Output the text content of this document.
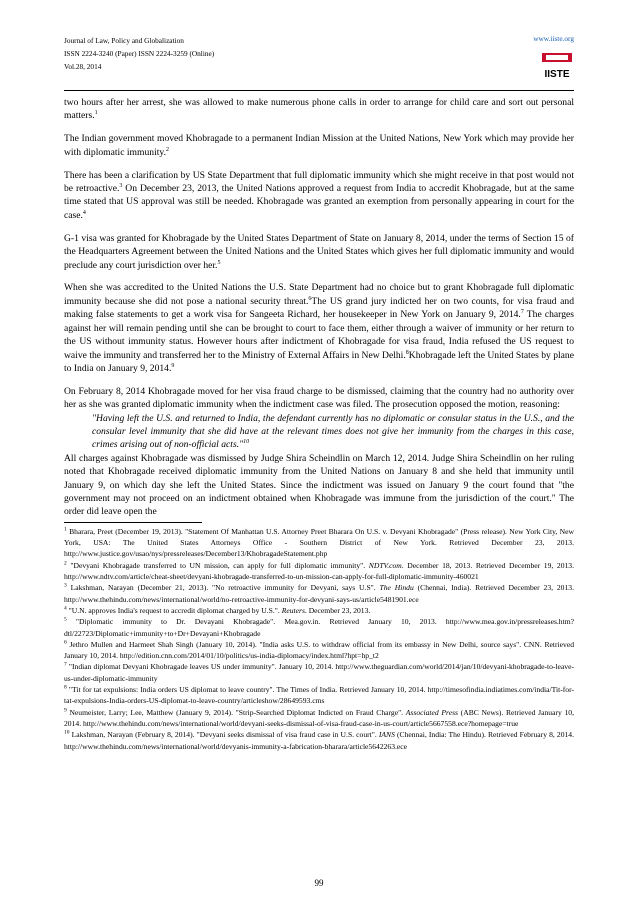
Journal of Law, Policy and Globalization
ISSN 2224-3240 (Paper) ISSN 2224-3259 (Online)
Vol.28, 2014
www.iiste.org
IISTE

two hours after her arrest, she was allowed to make numerous phone calls in order to arrange for child care and sort out personal matters.$^1$

The Indian government moved Khobragade to a permanent Indian Mission at the United Nations, New York which may provide her with diplomatic immunity.$^2$

There has been a clarification by US State Department that full diplomatic immunity which she might receive in that post would not be retroactive.$^3$ On December 23, 2013, the United Nations approved a request from India to accredit Khobragade, but at the same time stated that US approval was still be needed. Khobragade was granted an exemption from personally appearing in court for the case.$^4$

G-1 visa was granted for Khobragade by the United States Department of State on January 8, 2014, under the terms of Section 15 of the Headquarters Agreement between the United Nations and the United States which gives her full diplomatic immunity and would preclude any court jurisdiction over her.$^5$

When she was accredited to the United Nations the U.S. State Department had no choice but to grant Khobragade full diplomatic immunity because she did not pose a national security threat.$^6$The US grand jury indicted her on two counts, for visa fraud and making false statements to get a work visa for Sangeeta Richard, her housekeeper in New York on January 9, 2014.$^7$ The charges against her will remain pending until she can be brought to court to face them, either through a waiver of immunity or her return to the US without immunity status. However hours after indictment of Khobragade for visa fraud, India refused the US request to waive the immunity and transferred her to the Ministry of External Affairs in New Delhi.$^8$Khobragade left the United States by plane to India on January 9, 2014.$^9$

On February 8, 2014 Khobragade moved for her visa fraud charge to be dismissed, claiming that the country had no authority over her as she was granted diplomatic immunity when the indictment case was filed. The prosecution opposed the motion, reasoning:

"Having left the U.S. and returned to India, the defendant currently has no diplomatic or consular status in the U.S., and the consular level immunity that she did have at the relevant times does not give her immunity from the charges in this case, crimes arising out of non-official acts."$^{10}$

All charges against Khobragade was dismissed by Judge Shira Scheindlin on March 12, 2014. Judge Shira Scheindlin on her ruling noted that Khobragade received diplomatic immunity from the United Nations on January 8 and she held that immunity until January 9, on which day she left the United States. Since the indictment was issued on January 9 the court found that "the government may not proceed on an indictment obtained when Khobragade was immune from the jurisdiction of the court." The order did leave open the

$^1$ Bharara, Preet (December 19, 2013). "Statement Of Manhattan U.S. Attorney Preet Bharara On U.S. v. Devyani Khobragade" (Press release). New York City, New York, USA: The United States Attorneys Office - Southern District of New York. Retrieved December 23, 2013. http://www.justice.gov/usao/nys/pressreleases/December13/KhobragadeStatement.php
$^2$ "Devyani Khobragade transferred to UN mission, can apply for full diplomatic immunity". NDTV.com. December 18, 2013. Retrieved December 19, 2013. http://www.ndtv.com/article/cheat-sheet/devyani-khobragade-transferred-to-un-mission-can-apply-for-full-diplomatic-immunity-460021
$^3$ Lakshman, Narayan (December 21, 2013). "No retroactive immunity for Devyani, says U.S". The Hindu (Chennai, India). Retrieved December 23, 2013. http://www.thehindu.com/news/international/world/no-retroactive-immunity-for-devyani-says-us/article5481901.ece
$^4$ "U.N. approves India's request to accredit diplomat charged by U.S.". Reuters. December 23, 2013.
$^5$ "Diplomatic immunity to Dr. Devayani Khobragade". Mea.gov.in. Retrieved January 10, 2013. http://www.mea.gov.in/pressreleases.htm?dtl/22723/Diplomatic+immunity+to+Dr+Devayani+Khobragade
$^6$ Jethro Mullen and Harmeet Shah Singh (January 10, 2014). "India asks U.S. to withdraw official from its embassy in New Delhi, source says". CNN. Retrieved January 10, 2014. http://edition.cnn.com/2014/01/10/politics/us-india-diplomacy/index.html?hpt=hp_t2
$^7$ "Indian diplomat Devyani Khobragade leaves US under immunity". January 10, 2014. http://www.theguardian.com/world/2014/jan/10/devyani-khobragade-to-leave-us-under-diplomatic-immunity
$^8$ "Tit for tat expulsions: India orders US diplomat to leave country". The Times of India. Retrieved January 10, 2014. http://timesofindia.indiatimes.com/india/Tit-for-tat-expulsions-India-orders-US-diplomat-to-leave-country/articleshow/28649593.cms
$^9$ Neumeister, Larry; Lee, Matthew (January 9, 2014). "Strip-Searched Diplomat Indicted on Fraud Charge". Associated Press (ABC News). Retrieved January 10, 2014. http://www.thehindu.com/news/international/world/devyani-seeks-dismissal-of-visa-fraud-case-in-us-court/article5667558.ece?homepage=true
$^{10}$ Lakshman, Narayan (February 8, 2014). "Devyani seeks dismissal of visa fraud case in U.S. court". IANS (Chennai, India: The Hindu). Retrieved February 8, 2014. http://www.thehindu.com/news/international/world/devyanis-immunity-a-fabrication-bharara/article5642263.ece
99
